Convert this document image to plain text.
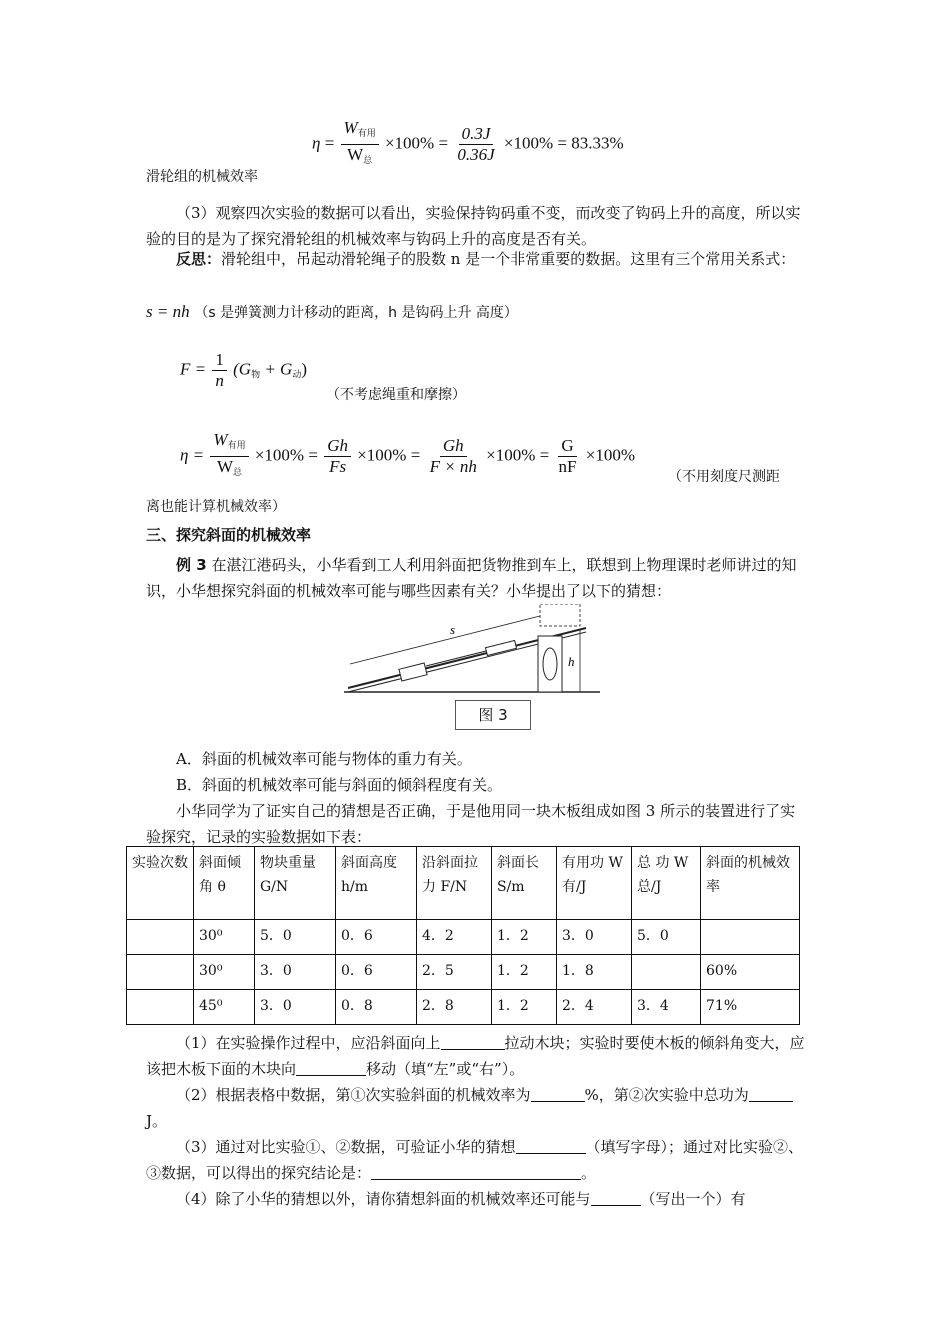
$\eta = \frac{W_{有用}}{W_总} \times 100\% = \frac{0.3J}{0.36J} \times 100\% = 83.33\%$
滑轮组的机械效率
（3）观察四次实验的数据可以看出，实验保持钩码重不变，而改变了钩码上升的高度，所以实验的目的是为了探究滑轮组的机械效率与钩码上升的高度是否有关。
反思：滑轮组中，吊起动滑轮绳子的股数 n 是一个非常重要的数据。这里有三个常用关系式：
s = nh （s 是弹簧测力计移动的距离，h 是钩码上升 高度）
$F = \frac{1}{n} (G_物 + G_动)$
（不考虑绳重和摩擦）
$\eta = \frac{W_{有用}}{W_总} \times 100\% = \frac{Gh}{Fs} \times 100\% = \frac{Gh}{F \times nh} \times 100\% = \frac{G}{nF} \times 100\%$
（不用刻度尺测距
离也能计算机械效率）
三、探究斜面的机械效率
例 3 在湛江港码头，小华看到工人利用斜面把货物推到车上，联想到上物理课时老师讲过的知识，小华想探究斜面的机械效率可能与哪些因素有关？小华提出了以下的猜想：
s
h
图 3
A．斜面的机械效率可能与物体的重力有关。
B．斜面的机械效率可能与斜面的倾斜程度有关。
小华同学为了证实自己的猜想是否正确，于是他用同一块木板组成如图 3 所示的装置进行了实验探究，记录的实验数据如下表：
实验次数	斜面倾角 θ	物块重量 G/N	斜面高度 h/m	沿斜面拉力 F/N	斜面长 S/m	有用功 W有/J	总 功 W总/J	斜面的机械效率
	30⁰	5．0	0．6	4．2	1．2	3．0	5．0	
	30⁰	3．0	0．6	2．5	1．2	1．8		60%
	45⁰	3．0	0．8	2．8	1．2	2．4	3．4	71%
（1）在实验操作过程中，应沿斜面向上	拉动木块；实验时要使木板的倾斜角变大，应该把木板下面的木块向	移动（填“左”或“右”）。
（2）根据表格中数据，第①次实验斜面的机械效率为	%，第②次实验中总功为J。
（3）通过对比实验①、②数据，可验证小华的猜想	（填写字母）；通过对比实验②、③数据，可以得出的探究结论是：	。
（4）除了小华的猜想以外，请你猜想斜面的机械效率还可能与	（写出一个）有
